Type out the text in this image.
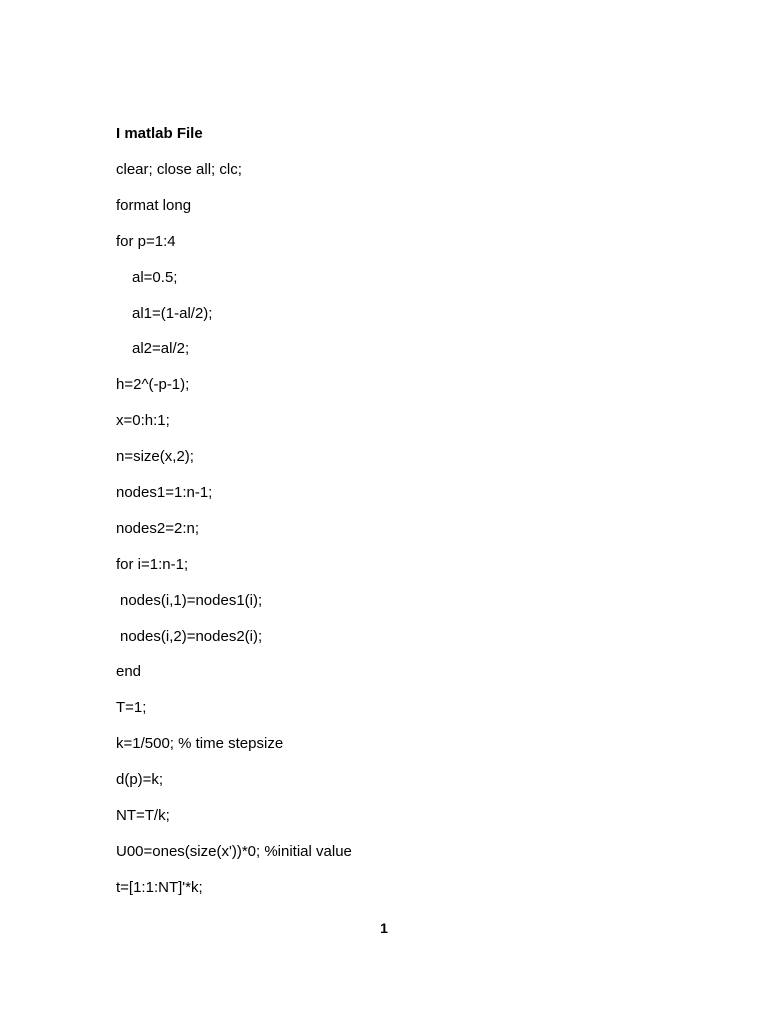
I matlab File
clear; close all; clc;
format long
for p=1:4
al=0.5;
al1=(1-al/2);
al2=al/2;
h=2^(-p-1);
x=0:h:1;
n=size(x,2);
nodes1=1:n-1;
nodes2=2:n;
for i=1:n-1;
nodes(i,1)=nodes1(i);
nodes(i,2)=nodes2(i);
end
T=1;
k=1/500; % time stepsize
d(p)=k;
NT=T/k;
U00=ones(size(x'))*0; %initial value
t=[1:1:NT]'*k;
1
